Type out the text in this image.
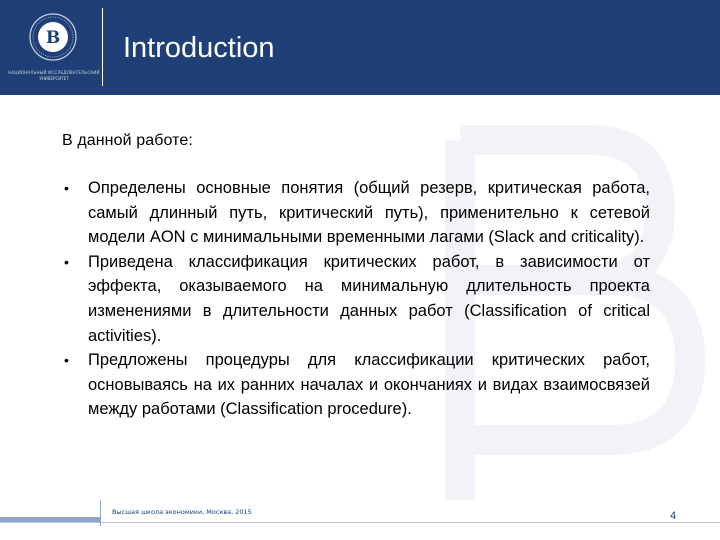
В
НАЦИОНАЛЬНЫЙ ИССЛЕДОВАТЕЛЬСКИЙ
УНИВЕРСИТЕТ
Introduction
В данной работе:
• Определены основные понятия (общий резерв, критическая работа, самый длинный путь, критический путь), применительно к сетевой модели AON с минимальными временными лагами (Slack and criticality).
• Приведена классификация критических работ, в зависимости от эффекта, оказываемого на минимальную длительность проекта изменениями в длительности данных работ (Classification of critical activities).
• Предложены процедуры для классификации критических работ, основываясь на их ранних началах и окончаниях и видах взаимосвязей между работами (Classification procedure).
Высшая школа экономики, Москва, 2015	4
